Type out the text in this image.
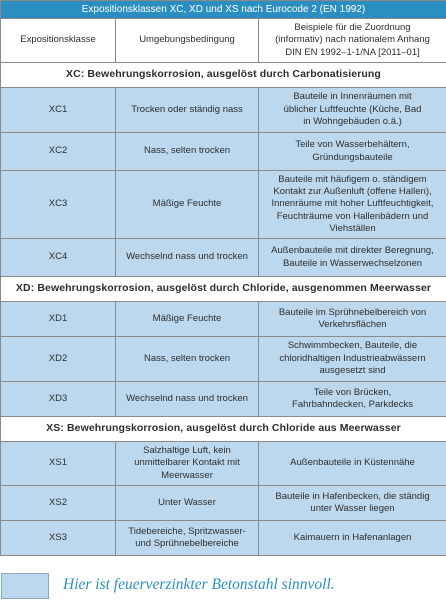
Expositionsklassen XC, XD und XS nach Eurocode 2 (EN 1992)		
Expositionsklasse	Umgebungsbedingung	Beispiele für die Zuordnung
(informativ) nach nationalem Anhang
DIN EN 1992–1-1/NA [2011–01]

XC: Bewehrungskorrosion, ausgelöst durch Carbonatisierung		
XC1	Trocken oder ständig nass	Bauteile in Innenräumen mit
üblicher Luftfeuchte (Küche, Bad
in Wohngebäuden o.ä.)

XC2	Nass, selten trocken	Teile von Wasserbehältern,
Gründungsbauteile

XC3	Mäßige Feuchte	Bauteile mit häufigem o. ständigem
Kontakt zur Außenluft (offene Hallen),
Innenräume mit hoher Luftfeuchtigkeit,
Feuchträume von Hallenbädern und
Viehställen

XC4	Wechselnd nass und trocken	Außenbauteile mit direkter Beregnung,
Bauteile in Wasserwechselzonen

XD: Bewehrungskorrosion, ausgelöst durch Chloride, ausgenommen Meerwasser		
XD1	Mäßige Feuchte	Bauteile im Sprühnebelbereich von
Verkehrsflächen

XD2	Nass, selten trocken	Schwimmbecken, Bauteile, die
chloridhaltigen Industrieabwässern
ausgesetzt sind

XD3	Wechselnd nass und trocken	Teile von Brücken,
Fahrbahndecken, Parkdecks

XS: Bewehrungskorrosion, ausgelöst durch Chloride aus Meerwasser		
XS1	Salzhaltige Luft, kein
unmittelbarer Kontakt mit
Meerwasser	Außenbauteile in Küstennähe

XS2	Unter Wasser	Bauteile in Hafenbecken, die ständig
unter Wasser liegen

XS3	Tidebereiche, Spritzwasser-
und Sprühnebelbereiche	Kaimauern in Hafenanlagen
Hier ist feuerverzinkter Betonstahl sinnvoll.
